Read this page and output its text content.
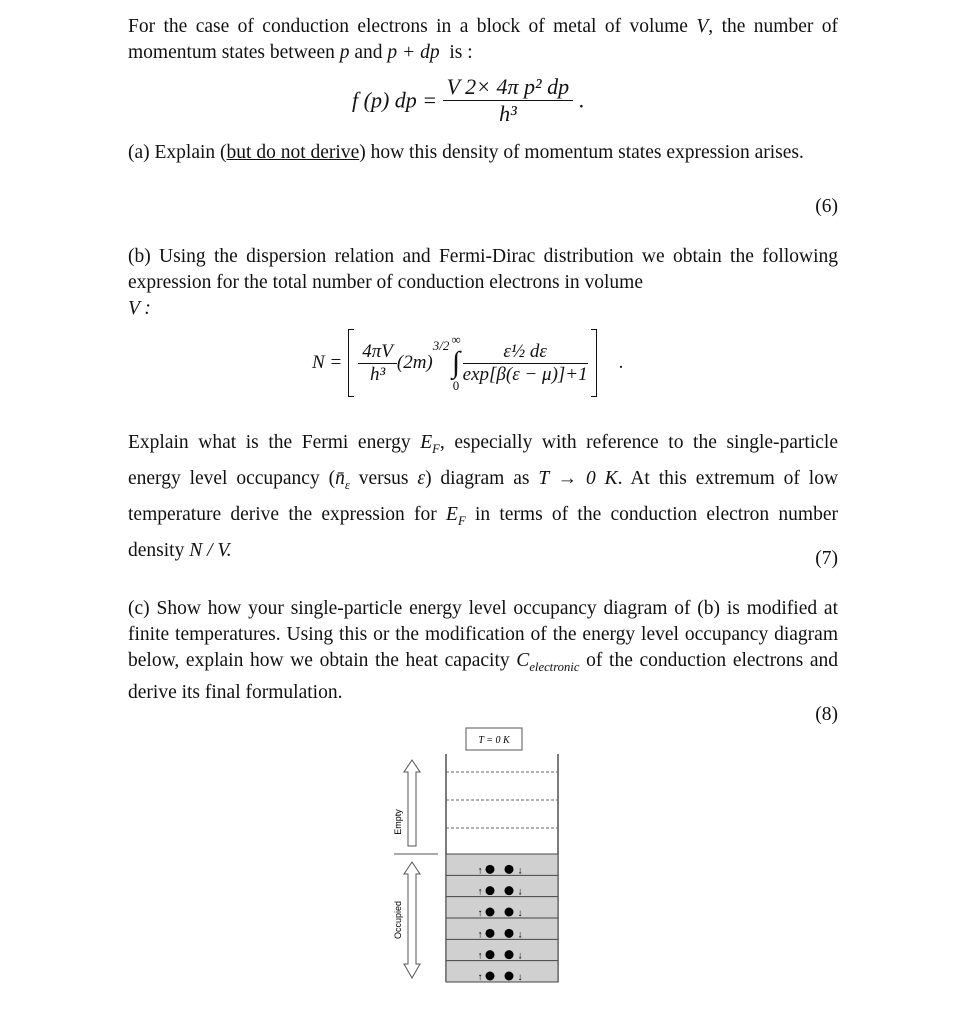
For the case of conduction electrons in a block of metal of volume V, the number of momentum states between p and p + dp is :
f (p) dp = $\frac{\text{V 2× 4π p² dp}}{\text{h³}}$ .
(a) Explain (but do not derive) how this density of momentum states expression arises.
(6)
(b) Using the dispersion relation and Fermi-Dirac distribution we obtain the following expression for the total number of conduction electrons in volume
V :
$N = \frac{4\pi V}{\text{h³}} (2m)$
$^{3/2}$ ∞
∫
$0 \frac{\text{ε½ dε}}{\exp[\beta(\varepsilon - \mu)]+1}$ .
Explain what is the Fermi energy $E_F$, especially with reference to the single-particle energy level occupancy ($n̄_\varepsilon$ versus ε) diagram as T → 0 K. At this extremum of low temperature derive the expression for $E_F$ in terms of the conduction electron number density N / V.	(7)
(c) Show how your single-particle energy level occupancy diagram of (b) is modified at finite temperatures. Using this or the modification of the energy level occupancy diagram below, explain how we obtain the heat capacity $C_{electronic}$ of the conduction electrons and derive its final formulation.
(8)
T = 0 K
↑	↓
↑	↓
↑	↓
↑	↓
↑	↓
↑	↓
Empty
Occupied
